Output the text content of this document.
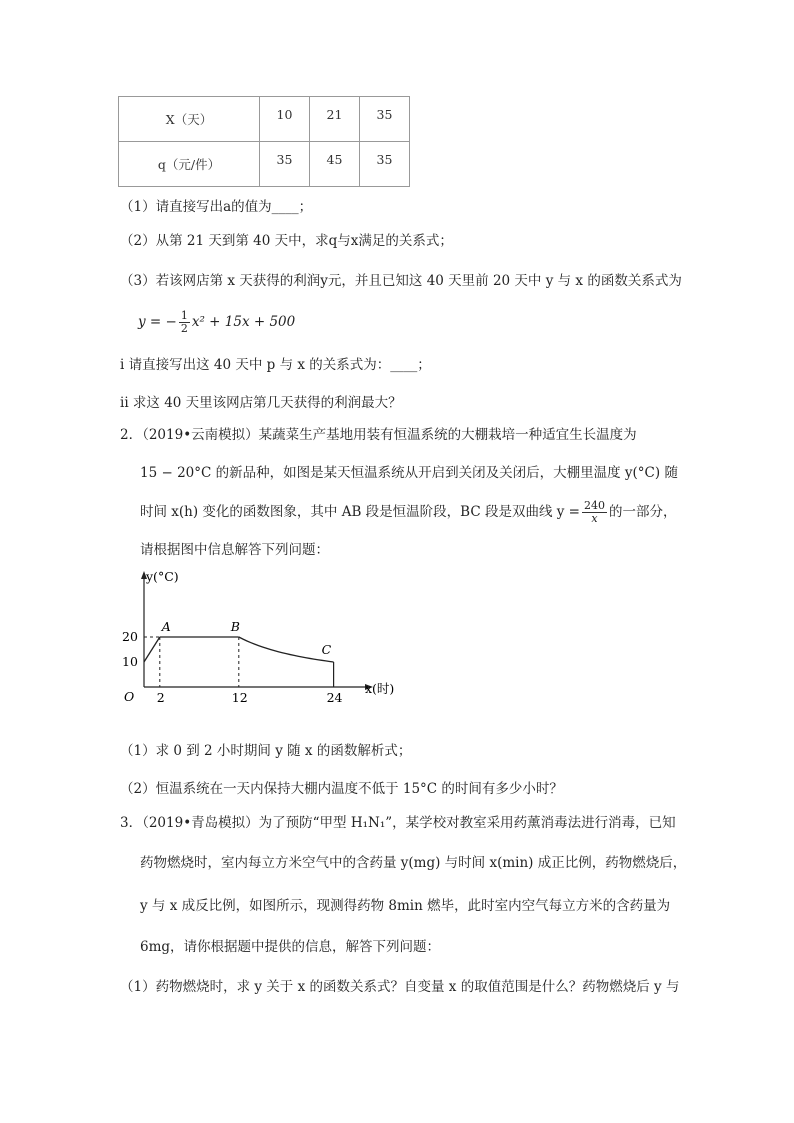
X（天）	10	21	35
q（元/件）	35	45	35
（1）请直接写出a的值为____；
（2）从第 21 天到第 40 天中，求q与x满足的关系式；
（3）若该网店第 x 天获得的利润y元，并且已知这 40 天里前 20 天中 y 与 x 的函数关系式为
y = − $\frac{1}{2} x^2 + 15x + 500$
i 请直接写出这 40 天中 p 与 x 的关系式为：____；
ii 求这 40 天里该网店第几天获得的利润最大？
2．（2019•云南模拟）某蔬菜生产基地用装有恒温系统的大棚栽培一种适宜生长温度为
15 − 20°C 的新品种，如图是某天恒温系统从开启到关闭及关闭后，大棚里温度 y(°C) 随
时间 x(h) 变化的函数图象，其中 AB 段是恒温阶段，BC 段是双曲线 $y = \frac{240}{x}$ 的一部分，
请根据图中信息解答下列问题：
20
10
2	12	24
A	B
C
y(°C)
x(时)
O
（1）求 0 到 2 小时期间 y 随 x 的函数解析式；
（2）恒温系统在一天内保持大棚内温度不低于 15°C 的时间有多少小时？
3．（2019•青岛模拟）为了预防“甲型 H₁N₁”，某学校对教室采用药薰消毒法进行消毒，已知
药物燃烧时，室内每立方米空气中的含药量 y(mg) 与时间 x(min) 成正比例，药物燃烧后，
y 与 x 成反比例，如图所示，现测得药物 8min 燃毕，此时室内空气每立方米的含药量为
6mg，请你根据题中提供的信息，解答下列问题：
（1）药物燃烧时，求 y 关于 x 的函数关系式？自变量 x 的取值范围是什么？药物燃烧后 y 与
